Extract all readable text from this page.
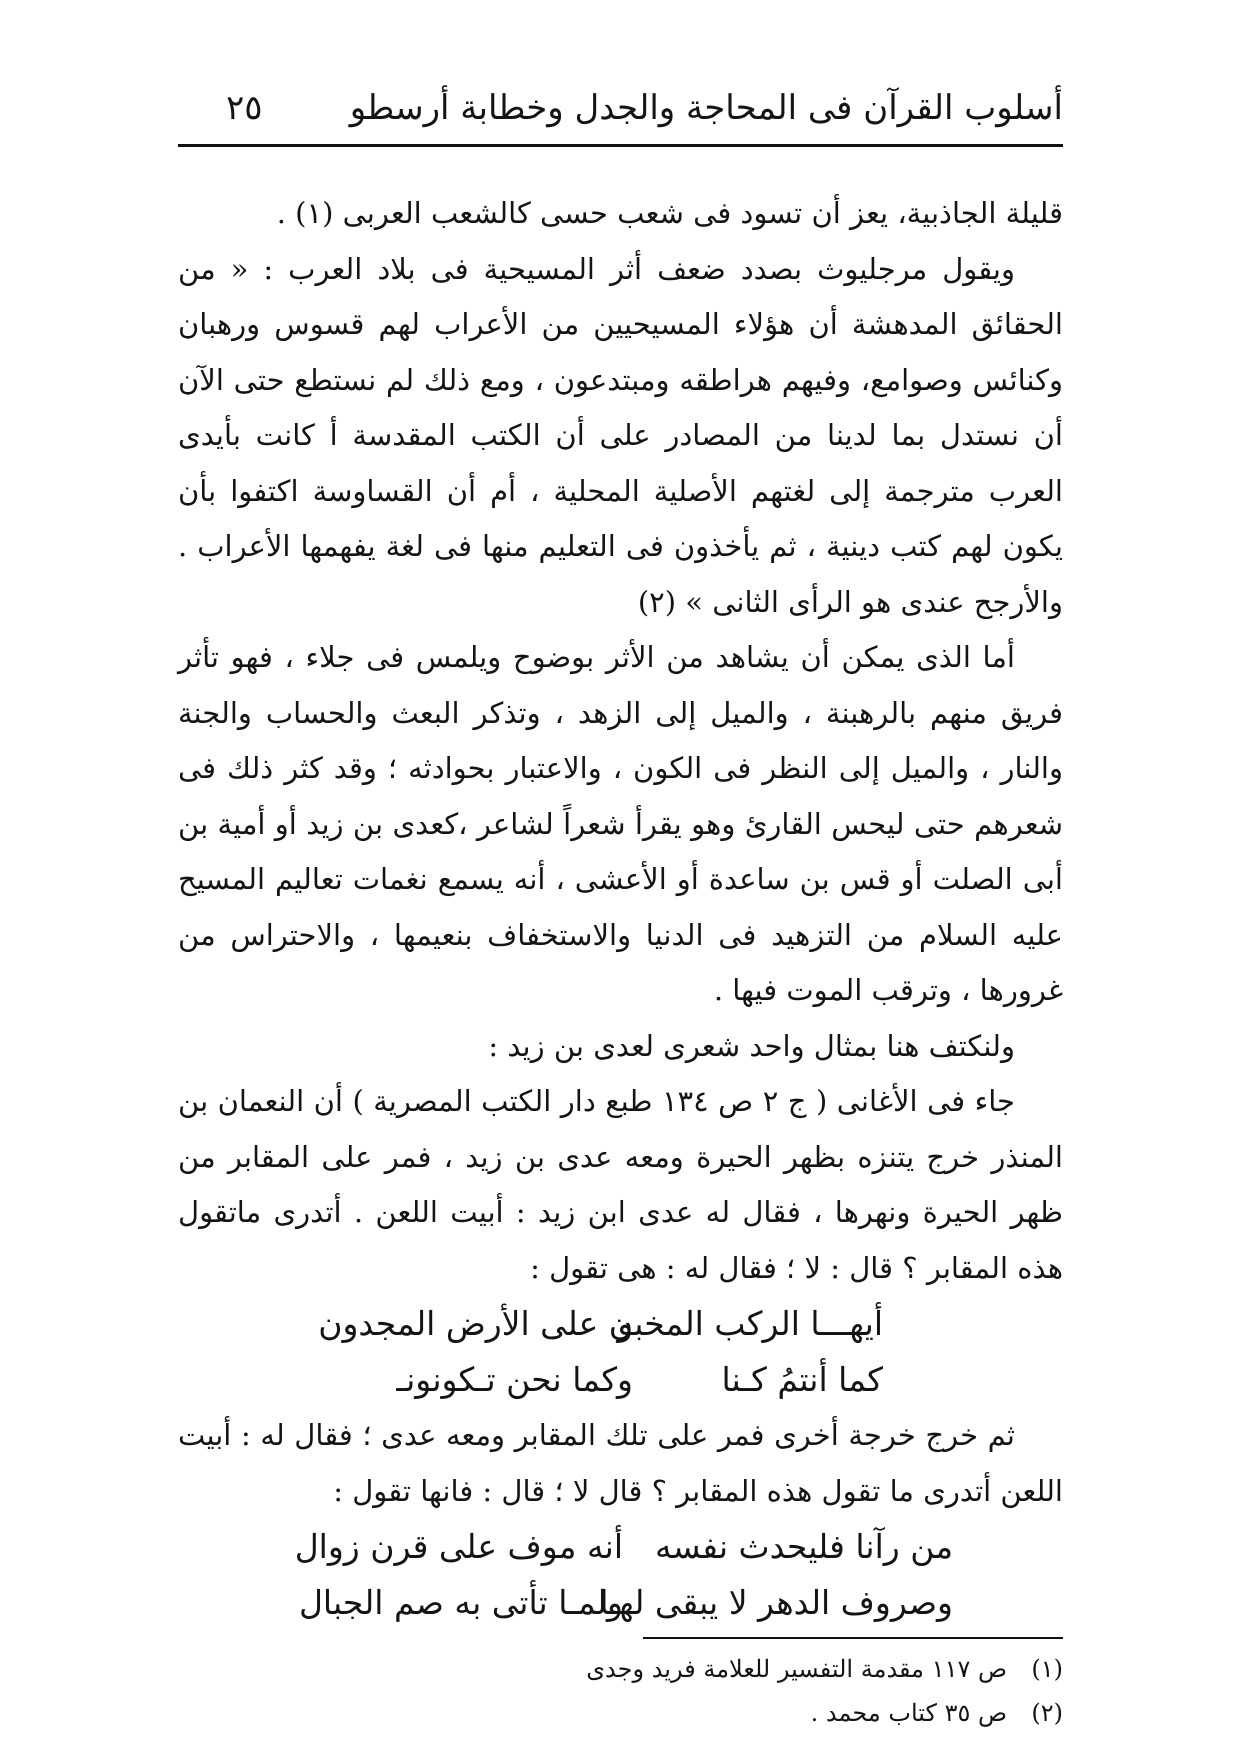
أسلوب القرآن فى المحاجة والجدل وخطابة أرسطو
٢٥

قليلة الجاذبية، يعز أن تسود فى شعب حسى كالشعب العربى (١) .

ويقول مرجليوث بصدد ضعف أثر المسيحية فى بلاد العرب : « من الحقائق المدهشة أن هؤلاء المسيحيين من الأعراب لهم قسوس ورهبان وكنائس وصوامع، وفيهم هراطقه ومبتدعون ، ومع ذلك لم نستطع حتى الآن أن نستدل بما لدينا من المصادر على أن الكتب المقدسة أ كانت بأيدى العرب مترجمة إلى لغتهم الأصلية المحلية ، أم أن القساوسة اكتفوا بأن يكون لهم كتب دينية ، ثم يأخذون فى التعليم منها فى لغة يفهمها الأعراب . والأرجح عندى هو الرأى الثانى » (٢)

أما الذى يمكن أن يشاهد من الأثر بوضوح ويلمس فى جلاء ، فهو تأثر فريق منهم بالرهبنة ، والميل إلى الزهد ، وتذكر البعث والحساب والجنة والنار ، والميل إلى النظر فى الكون ، والاعتبار بحوادثه ؛ وقد كثر ذلك فى شعرهم حتى ليحس القارئ وهو يقرأ شعراً لشاعر ،كعدى بن زيد أو أمية بن أبى الصلت أو قس بن ساعدة أو الأعشى ، أنه يسمع نغمات تعاليم المسيح عليه السلام من التزهيد فى الدنيا والاستخفاف بنعيمها ، والاحتراس من غرورها ، وترقب الموت فيها .

ولنكتف هنا بمثال واحد شعرى لعدى بن زيد :

جاء فى الأغانى ( ج ٢ ص ١٣٤ طبع دار الكتب المصرية ) أن النعمان بن المنذر خرج يتنزه بظهر الحيرة ومعه عدى بن زيد ، فمر على المقابر من ظهر الحيرة ونهرها ، فقال له عدى ابن زيد : أبيت اللعن . أتدرى ماتقول هذه المقابر ؟ قال : لا ؛ فقال له : هى تقول :

أيهـــا الركب المخبو
ن على الأرض المجدون
كما أنتمُ كـنا
وكما نحن تـكونونـ

ثم خرج خرجة أخرى فمر على تلك المقابر ومعه عدى ؛ فقال له : أبيت اللعن أتدرى ما تقول هذه المقابر ؟ قال لا ؛ قال : فانها تقول :

من رآنا فليحدث نفسه
أنه موف على قرن زوال
وصروف الدهر لا يبقى لهـا
ولمـا تأتى به صم الجبال
(١)
ص ١١٧ مقدمة التفسير للعلامة فريد وجدى
(٢)
ص ٣٥ كتاب محمد .
